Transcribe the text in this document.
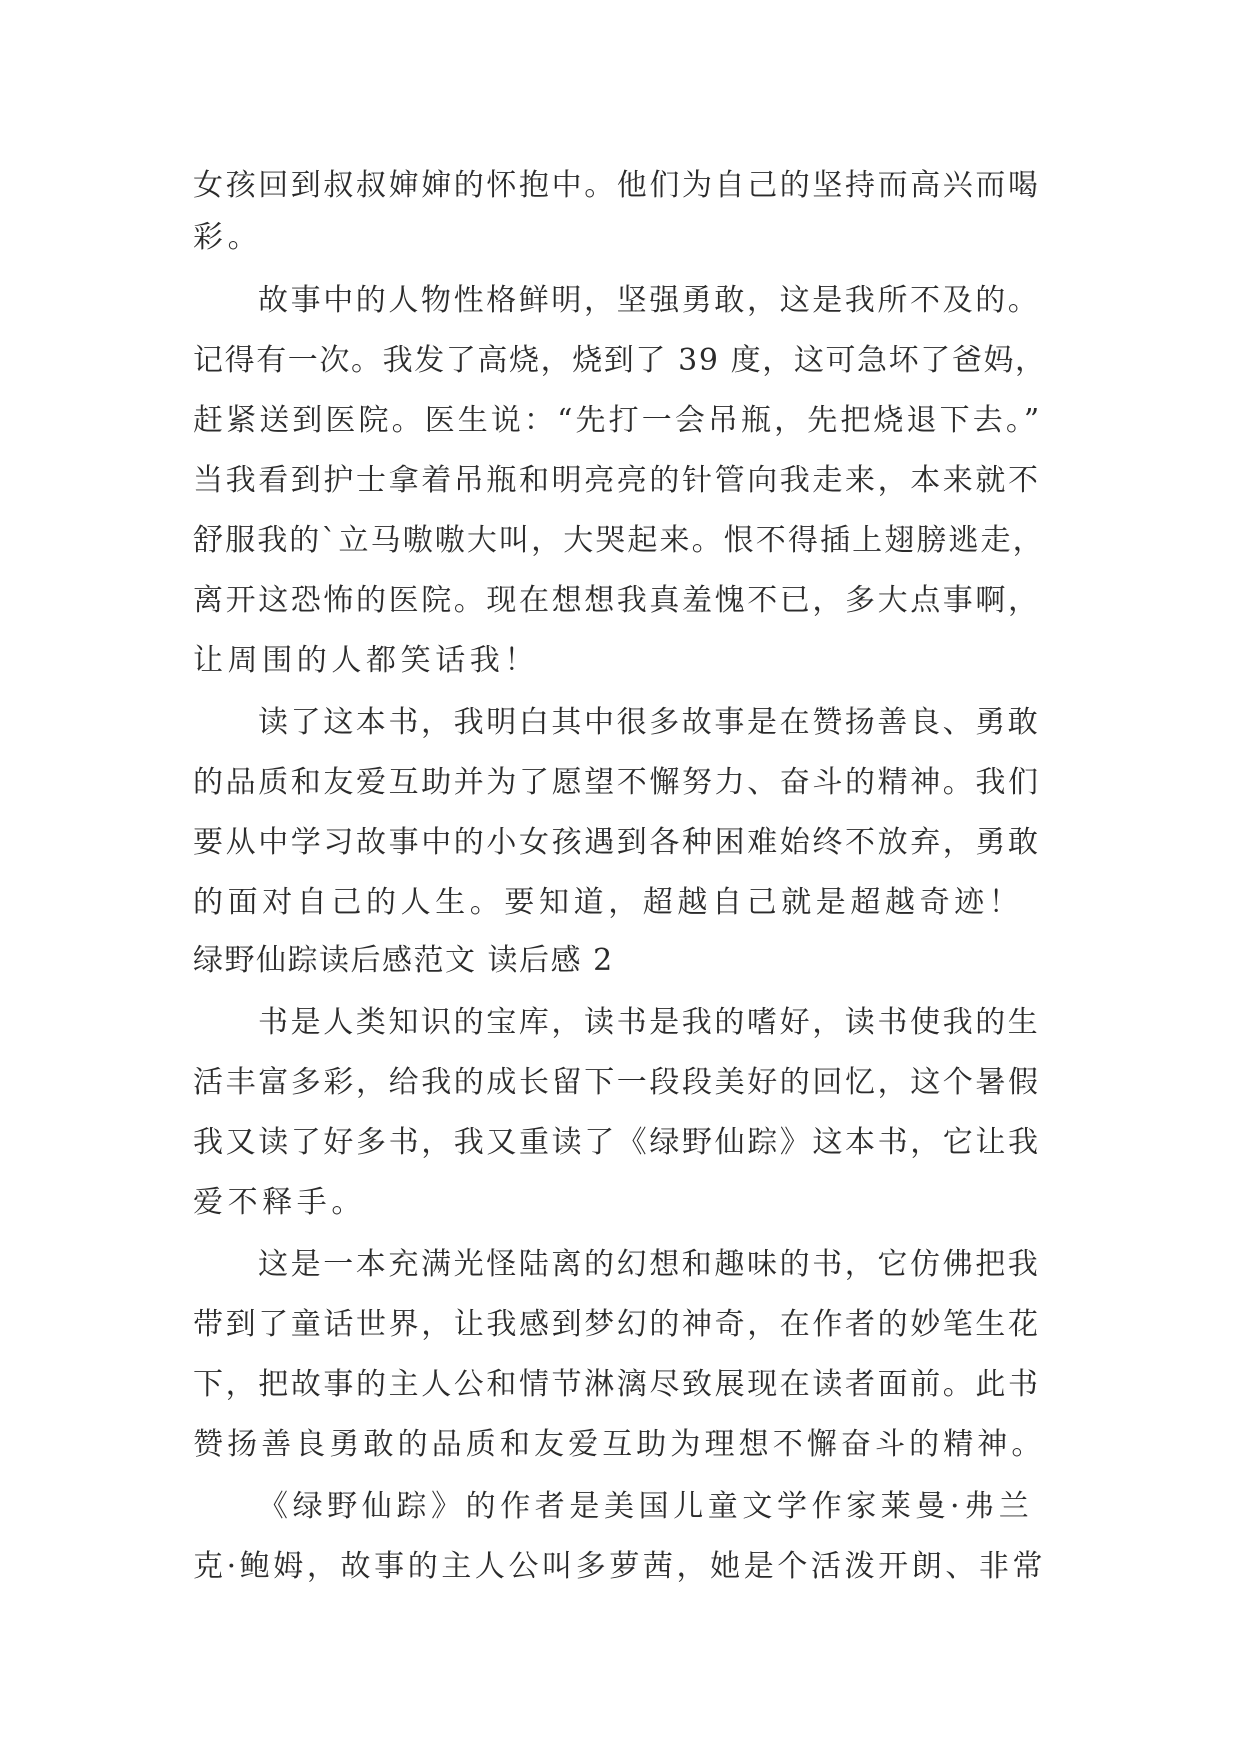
女孩回到叔叔婶婶的怀抱中。他们为自己的坚持而高兴而喝
彩。
故事中的人物性格鲜明，坚强勇敢，这是我所不及的。
记得有一次。我发了高烧，烧到了 39 度，这可急坏了爸妈，
赶紧送到医院。医生说：“先打一会吊瓶，先把烧退下去。”
当我看到护士拿着吊瓶和明亮亮的针管向我走来，本来就不
舒服我的`立马嗷嗷大叫，大哭起来。恨不得插上翅膀逃走，
离开这恐怖的医院。现在想想我真羞愧不已，多大点事啊，
让周围的人都笑话我！
读了这本书，我明白其中很多故事是在赞扬善良、勇敢
的品质和友爱互助并为了愿望不懈努力、奋斗的精神。我们
要从中学习故事中的小女孩遇到各种困难始终不放弃，勇敢
的面对自己的人生。要知道，超越自己就是超越奇迹！
绿野仙踪读后感范文 读后感 2
书是人类知识的宝库，读书是我的嗜好，读书使我的生
活丰富多彩，给我的成长留下一段段美好的回忆，这个暑假
我又读了好多书，我又重读了《绿野仙踪》这本书，它让我
爱不释手。
这是一本充满光怪陆离的幻想和趣味的书，它仿佛把我
带到了童话世界，让我感到梦幻的神奇，在作者的妙笔生花
下，把故事的主人公和情节淋漓尽致展现在读者面前。此书
赞扬善良勇敢的品质和友爱互助为理想不懈奋斗的精神。
《绿野仙踪》的作者是美国儿童文学作家莱曼·弗兰
克·鲍姆，故事的主人公叫多萝茜，她是个活泼开朗、非常
